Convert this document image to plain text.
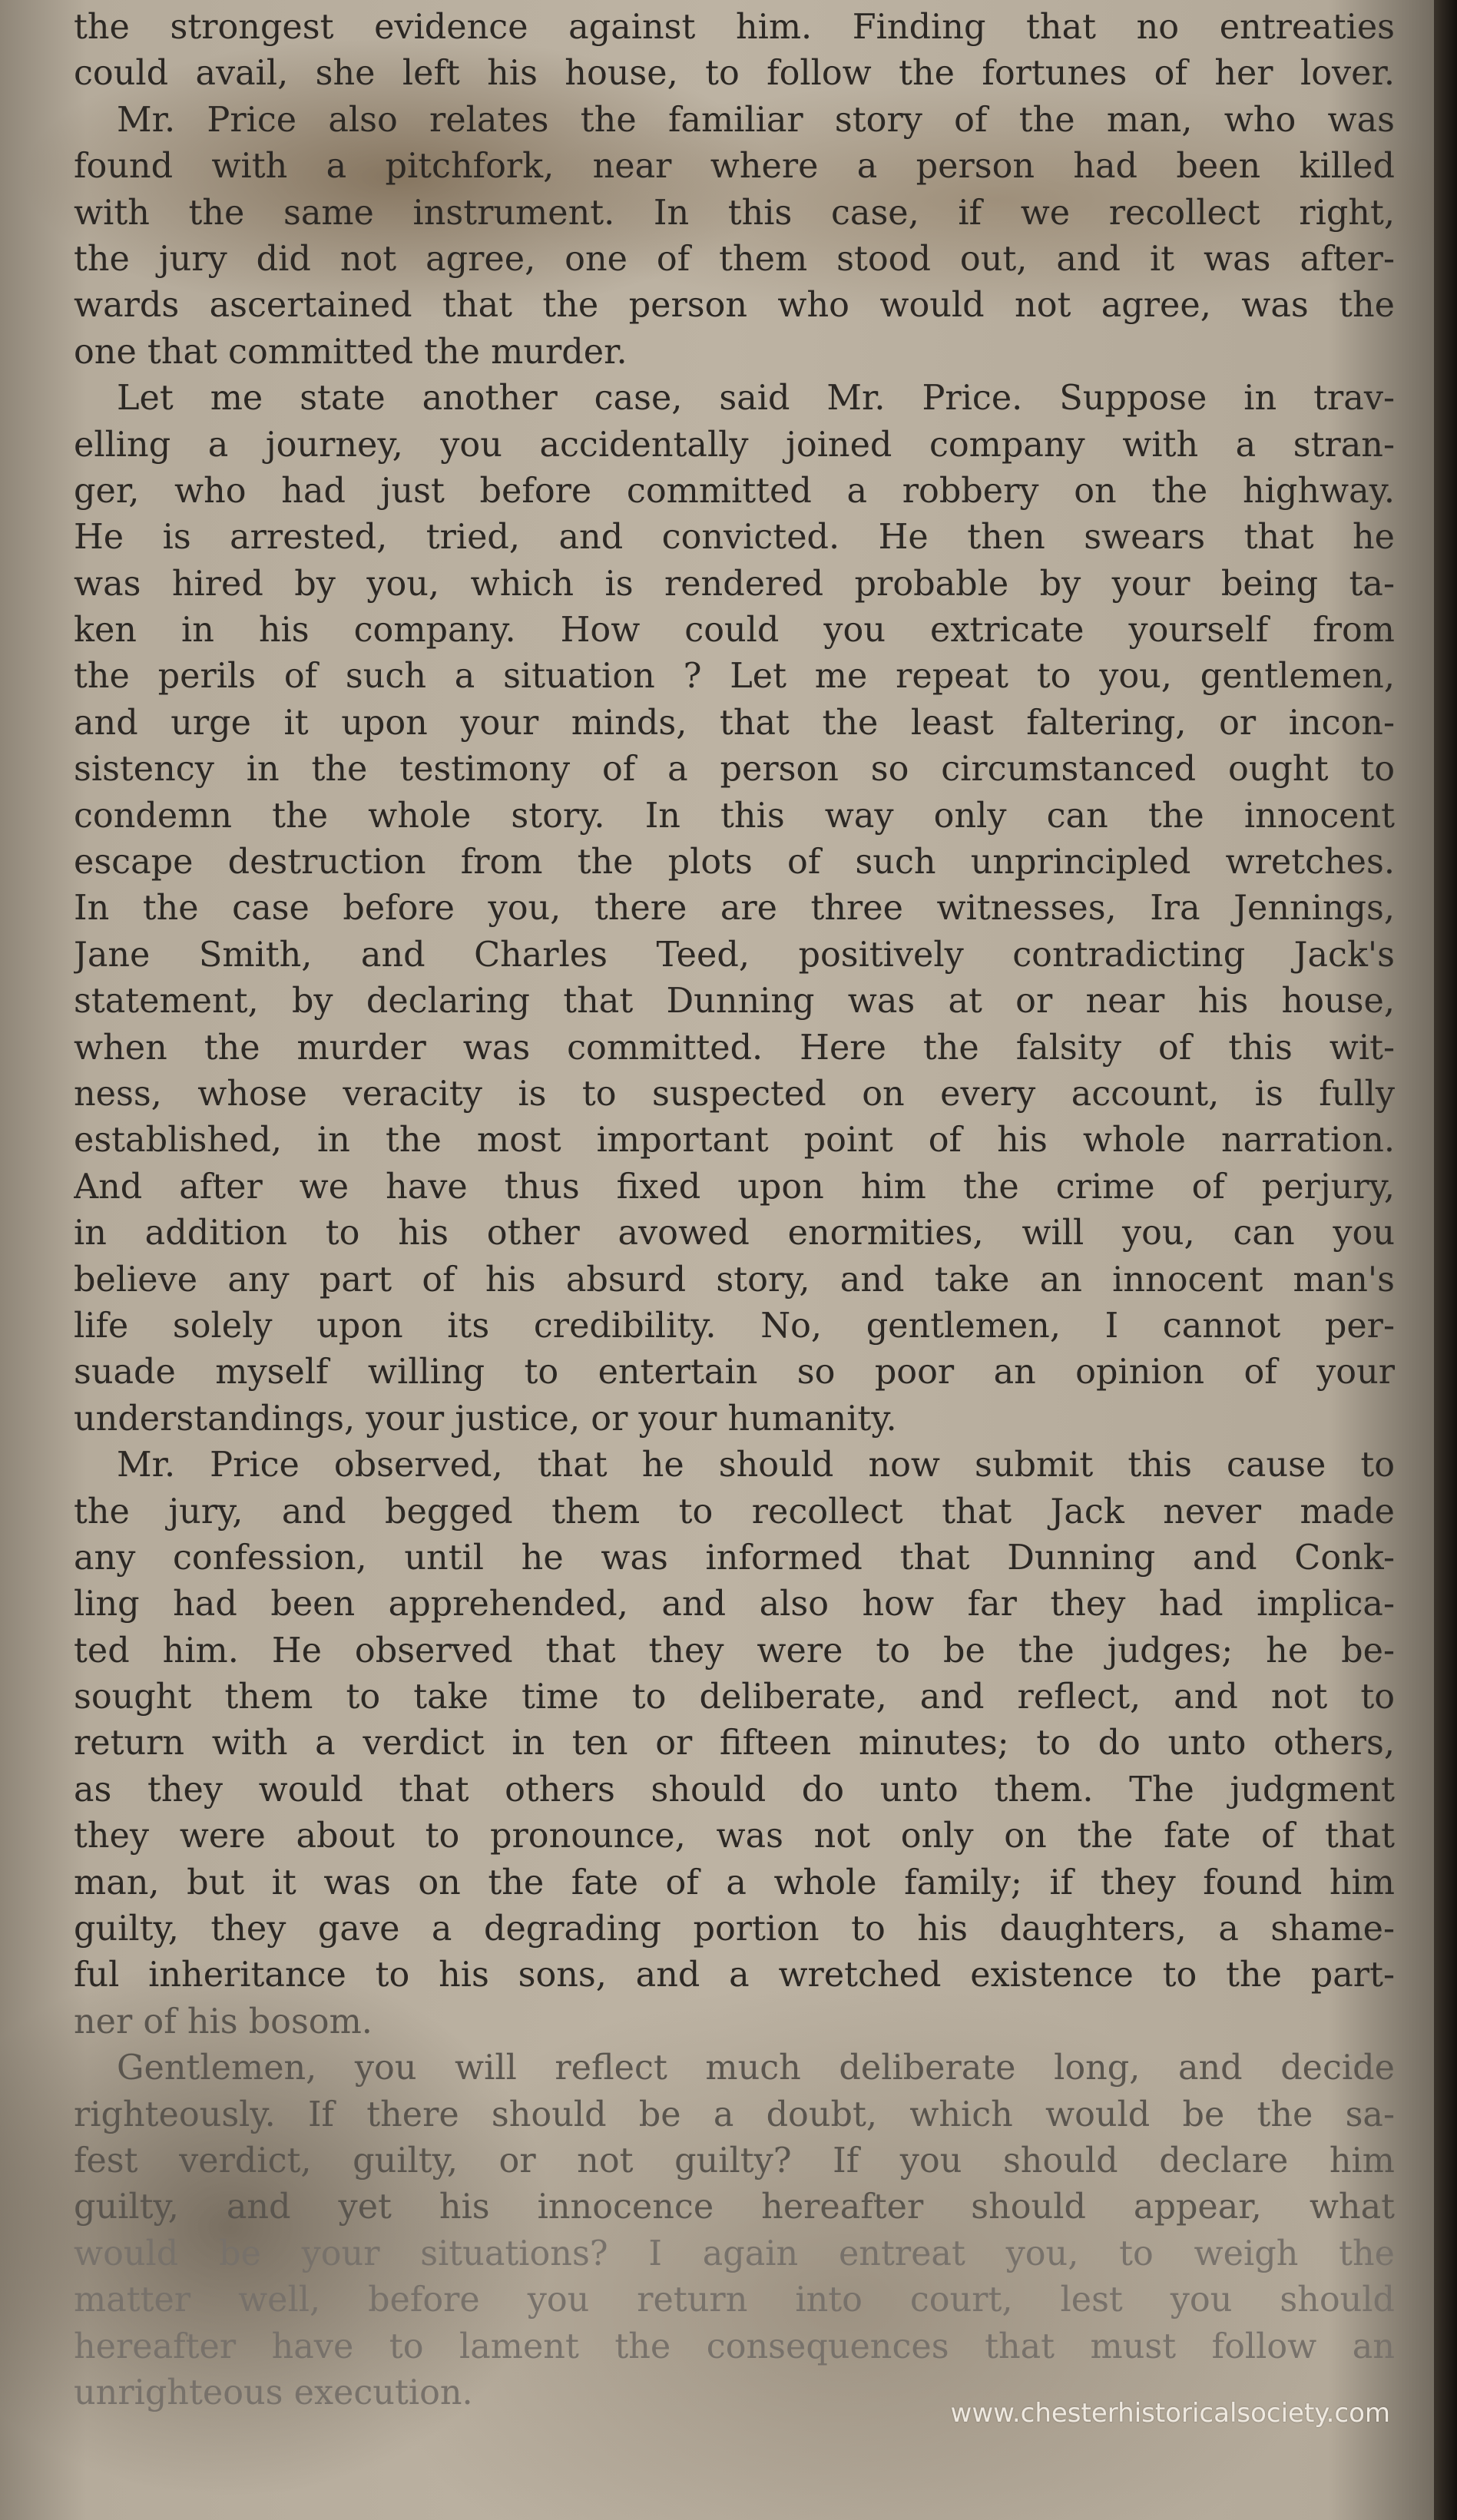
the strongest evidence against him. Finding that no entreaties
could avail, she left his house, to follow the fortunes of her lover.
Mr. Price also relates the familiar story of the man, who was
found with a pitchfork, near where a person had been killed
with the same instrument. In this case, if we recollect right,
the jury did not agree, one of them stood out, and it was after-
wards ascertained that the person who would not agree, was the
one that committed the murder.
Let me state another case, said Mr. Price. Suppose in trav-
elling a journey, you accidentally joined company with a stran-
ger, who had just before committed a robbery on the highway.
He is arrested, tried, and convicted. He then swears that he
was hired by you, which is rendered probable by your being ta-
ken in his company. How could you extricate yourself from
the perils of such a situation ? Let me repeat to you, gentlemen,
and urge it upon your minds, that the least faltering, or incon-
sistency in the testimony of a person so circumstanced ought to
condemn the whole story. In this way only can the innocent
escape destruction from the plots of such unprincipled wretches.
In the case before you, there are three witnesses, Ira Jennings,
Jane Smith, and Charles Teed, positively contradicting Jack's
statement, by declaring that Dunning was at or near his house,
when the murder was committed. Here the falsity of this wit-
ness, whose veracity is to suspected on every account, is fully
established, in the most important point of his whole narration.
And after we have thus fixed upon him the crime of perjury,
in addition to his other avowed enormities, will you, can you
believe any part of his absurd story, and take an innocent man's
life solely upon its credibility. No, gentlemen, I cannot per-
suade myself willing to entertain so poor an opinion of your
understandings, your justice, or your humanity.
Mr. Price observed, that he should now submit this cause to
the jury, and begged them to recollect that Jack never made
any confession, until he was informed that Dunning and Conk-
ling had been apprehended, and also how far they had implica-
ted him. He observed that they were to be the judges; he be-
sought them to take time to deliberate, and reflect, and not to
return with a verdict in ten or fifteen minutes; to do unto others,
as they would that others should do unto them. The judgment
they were about to pronounce, was not only on the fate of that
man, but it was on the fate of a whole family; if they found him
guilty, they gave a degrading portion to his daughters, a shame-
ful inheritance to his sons, and a wretched existence to the part-
ner of his bosom.
Gentlemen, you will reflect much deliberate long, and decide
righteously. If there should be a doubt, which would be the sa-
fest verdict, guilty, or not guilty? If you should declare him
guilty, and yet his innocence hereafter should appear, what
would be your situations? I again entreat you, to weigh the
matter well, before you return into court, lest you should
hereafter have to lament the consequences that must follow an
unrighteous execution.
www.chesterhistoricalsociety.com
